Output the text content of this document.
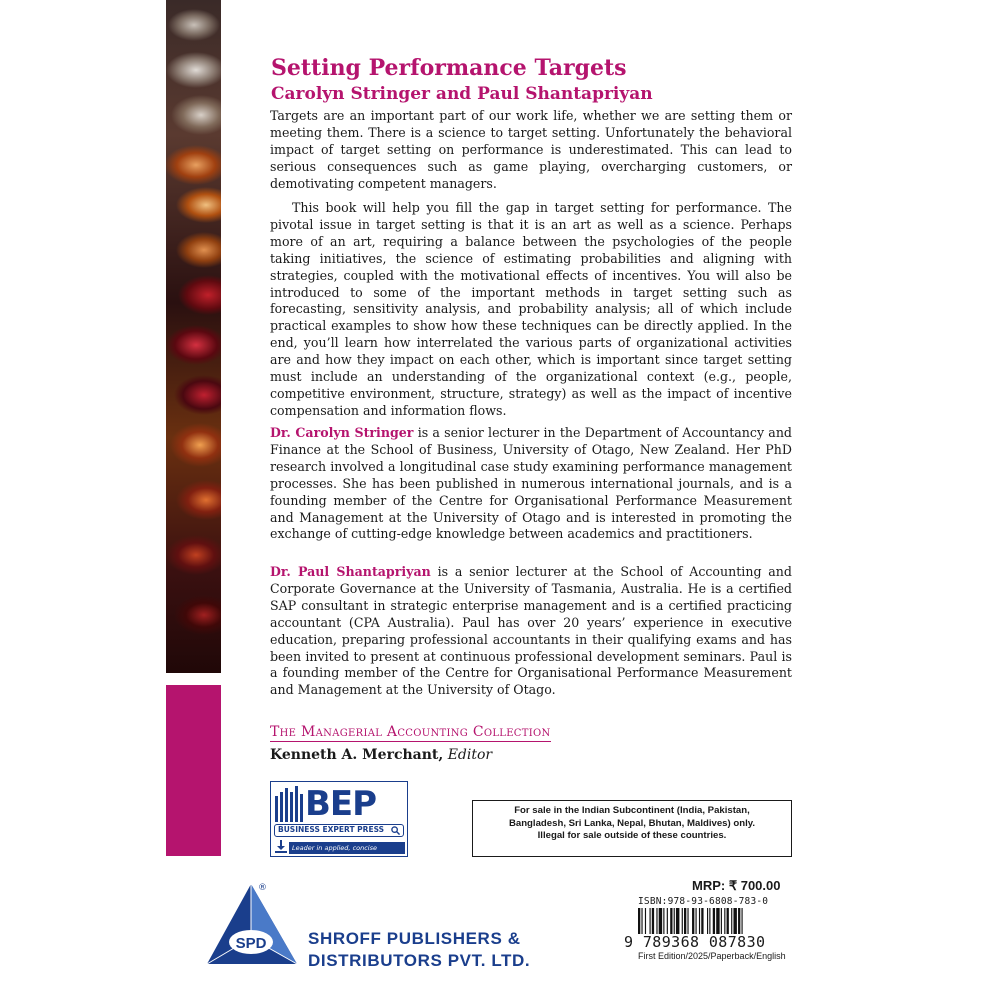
Setting Performance Targets
Carolyn Stringer and Paul Shantapriyan

Targets are an important part of our work life, whether we are setting them or meeting them. There is a science to target setting. Unfortunately the behavioral impact of target setting on performance is underestimated. This can lead to serious consequences such as game playing, overcharging customers, or demotivating competent managers.

This book will help you fill the gap in target setting for performance. The pivotal issue in target setting is that it is an art as well as a science. Perhaps more of an art, requiring a balance between the psychologies of the people taking initiatives, the science of estimating probabilities and aligning with strategies, coupled with the motivational effects of incentives. You will also be introduced to some of the important methods in target setting such as forecasting, sensitivity analysis, and probability analysis; all of which include practical examples to show how these techniques can be directly applied. In the end, you’ll learn how interrelated the various parts of organizational activities are and how they impact on each other, which is important since target setting must include an understanding of the organizational context (e.g., people, competitive environment, structure, strategy) as well as the impact of incentive compensation and information flows.

Dr. Carolyn Stringer is a senior lecturer in the Department of Accountancy and Finance at the School of Business, University of Otago, New Zealand. Her PhD research involved a longitudinal case study examining performance management processes. She has been published in numerous international journals, and is a founding member of the Centre for Organisational Performance Measurement and Management at the University of Otago and is interested in promoting the exchange of cutting-edge knowledge between academics and practitioners.

Dr. Paul Shantapriyan is a senior lecturer at the School of Accounting and Corporate Governance at the University of Tasmania, Australia. He is a certified SAP consultant in strategic enterprise management and is a certified practicing accountant (CPA Australia). Paul has over 20 years’ experience in executive education, preparing professional accountants in their qualifying exams and has been invited to present at continuous professional development seminars. Paul is a founding member of the Centre for Organisational Performance Measurement and Management at the University of Otago.

The Managerial Accounting Collection
Kenneth A. Merchant, Editor
BEP
BUSINESS EXPERT PRESS
Leader in applied, concise business books
For sale in the Indian Subcontinent (India, Pakistan,
Bangladesh, Sri Lanka, Nepal, Bhutan, Maldives) only.
Illegal for sale outside of these countries.
SPD
®
SHROFF PUBLISHERS &
DISTRIBUTORS PVT. LTD.
MRP: ₹ 700.00
ISBN:978-93-6808-783-0
9 789368 087830
First Edition/2025/Paperback/English
